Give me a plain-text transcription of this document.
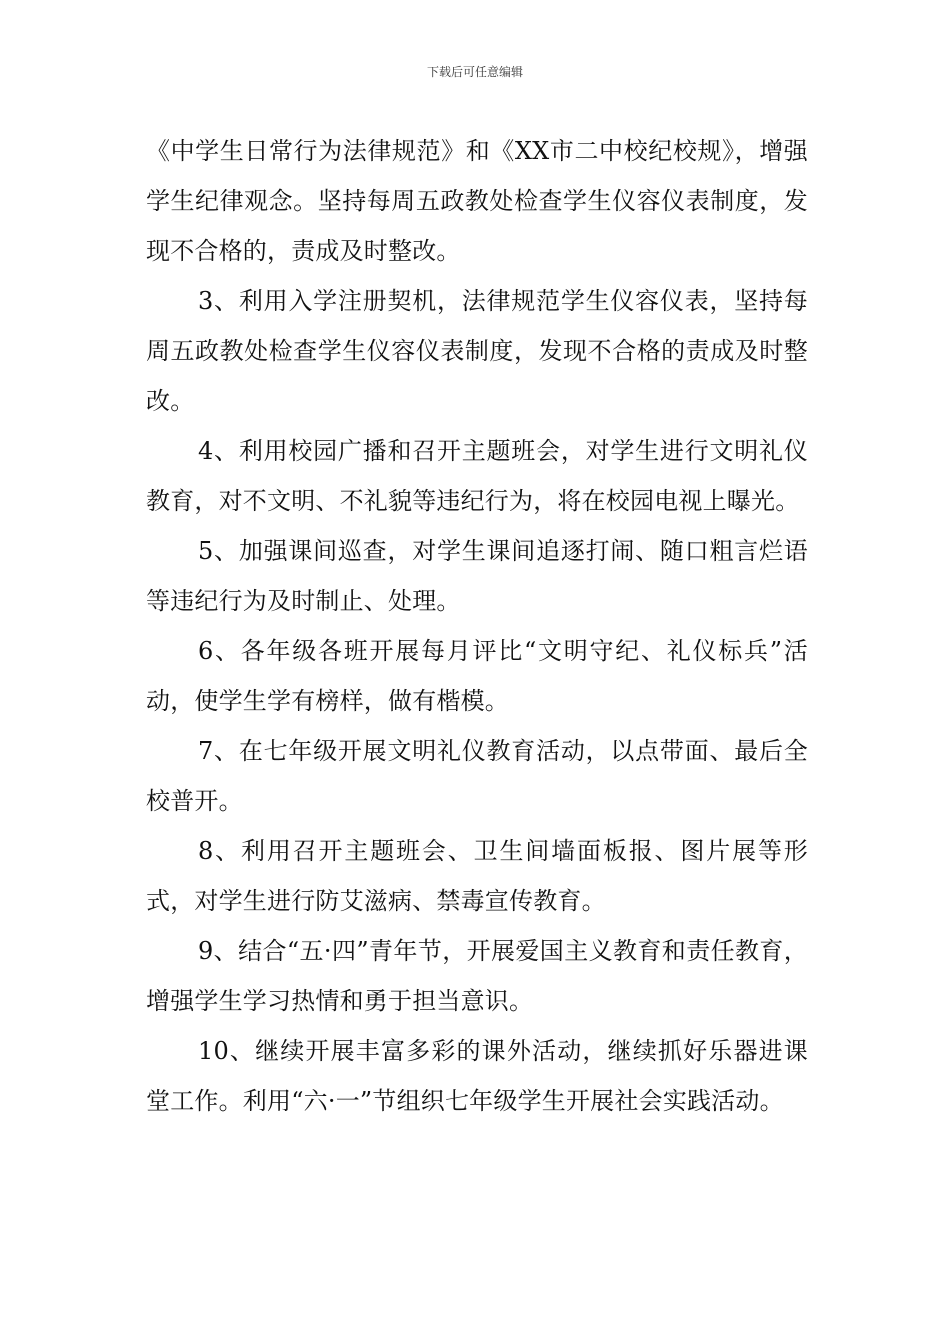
下载后可任意编辑

《中学生日常行为法律规范》和《XX市二中校纪校规》，增强学生纪律观念。坚持每周五政教处检查学生仪容仪表制度，发现不合格的，责成及时整改。

3、利用入学注册契机，法律规范学生仪容仪表，坚持每周五政教处检查学生仪容仪表制度，发现不合格的责成及时整改。

4、利用校园广播和召开主题班会，对学生进行文明礼仪教育，对不文明、不礼貌等违纪行为，将在校园电视上曝光。

5、加强课间巡查，对学生课间追逐打闹、随口粗言烂语等违纪行为及时制止、处理。

6、各年级各班开展每月评比“文明守纪、礼仪标兵”活动，使学生学有榜样，做有楷模。

7、在七年级开展文明礼仪教育活动，以点带面、最后全校普开。

8、利用召开主题班会、卫生间墙面板报、图片展等形式，对学生进行防艾滋病、禁毒宣传教育。

9、结合“五·四”青年节，开展爱国主义教育和责任教育，增强学生学习热情和勇于担当意识。

10、继续开展丰富多彩的课外活动，继续抓好乐器进课堂工作。利用“六·一”节组织七年级学生开展社会实践活动。
